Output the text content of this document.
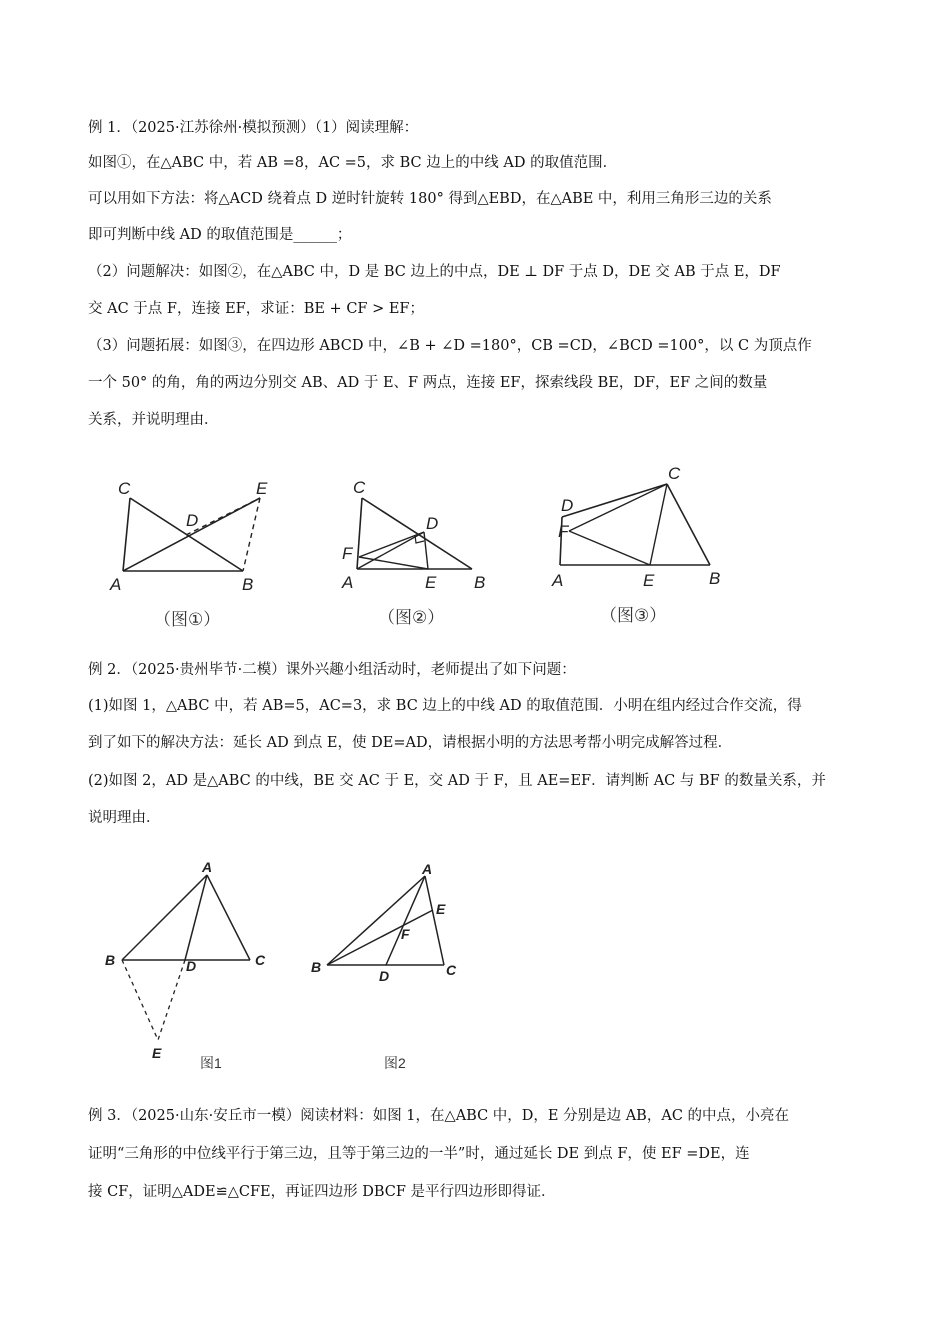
例 1．（2025·江苏徐州·模拟预测）（1）阅读理解：
如图①，在△ABC 中，若 AB =8，AC =5，求 BC 边上的中线 AD 的取值范围．
可以用如下方法：将△ACD 绕着点 D 逆时针旋转 180° 得到△EBD，在△ABE 中，利用三角形三边的关系
即可判断中线 AD 的取值范围是______；
（2）问题解决：如图②，在△ABC 中，D 是 BC 边上的中点，DE ⊥ DF 于点 D，DE 交 AB 于点 E，DF
交 AC 于点 F，连接 EF，求证：BE + CF > EF；
（3）问题拓展：如图③，在四边形 ABCD 中，∠B + ∠D =180°，CB =CD，∠BCD =100°，以 C 为顶点作
一个 50° 的角，角的两边分别交 AB、AD 于 E、F 两点，连接 EF，探索线段 BE，DF，EF 之间的数量
关系，并说明理由．
C	E
D
A	B
（图①）
C
D
F
A	E B
（图②）
C
D
F
A	E	B
（图③）
例 2．（2025·贵州毕节·二模）课外兴趣小组活动时，老师提出了如下问题：
(1)如图 1，△ABC 中，若 AB=5，AC=3，求 BC 边上的中线 AD 的取值范围．小明在组内经过合作交流，得
到了如下的解决方法：延长 AD 到点 E，使 DE=AD，请根据小明的方法思考帮小明完成解答过程．
(2)如图 2，AD 是△ABC 的中线，BE 交 AC 于 E，交 AD 于 F，且 AE=EF．请判断 AC 与 BF 的数量关系，并
说明理由．
A
B	D	C
E
图1
A
E
F
B
D	C
图2
例 3．（2025·山东·安丘市一模）阅读材料：如图 1，在△ABC 中，D，E 分别是边 AB，AC 的中点，小亮在
证明“三角形的中位线平行于第三边，且等于第三边的一半”时，通过延长 DE 到点 F，使 EF =DE，连
接 CF，证明△ADE≌△CFE，再证四边形 DBCF 是平行四边形即得证．
